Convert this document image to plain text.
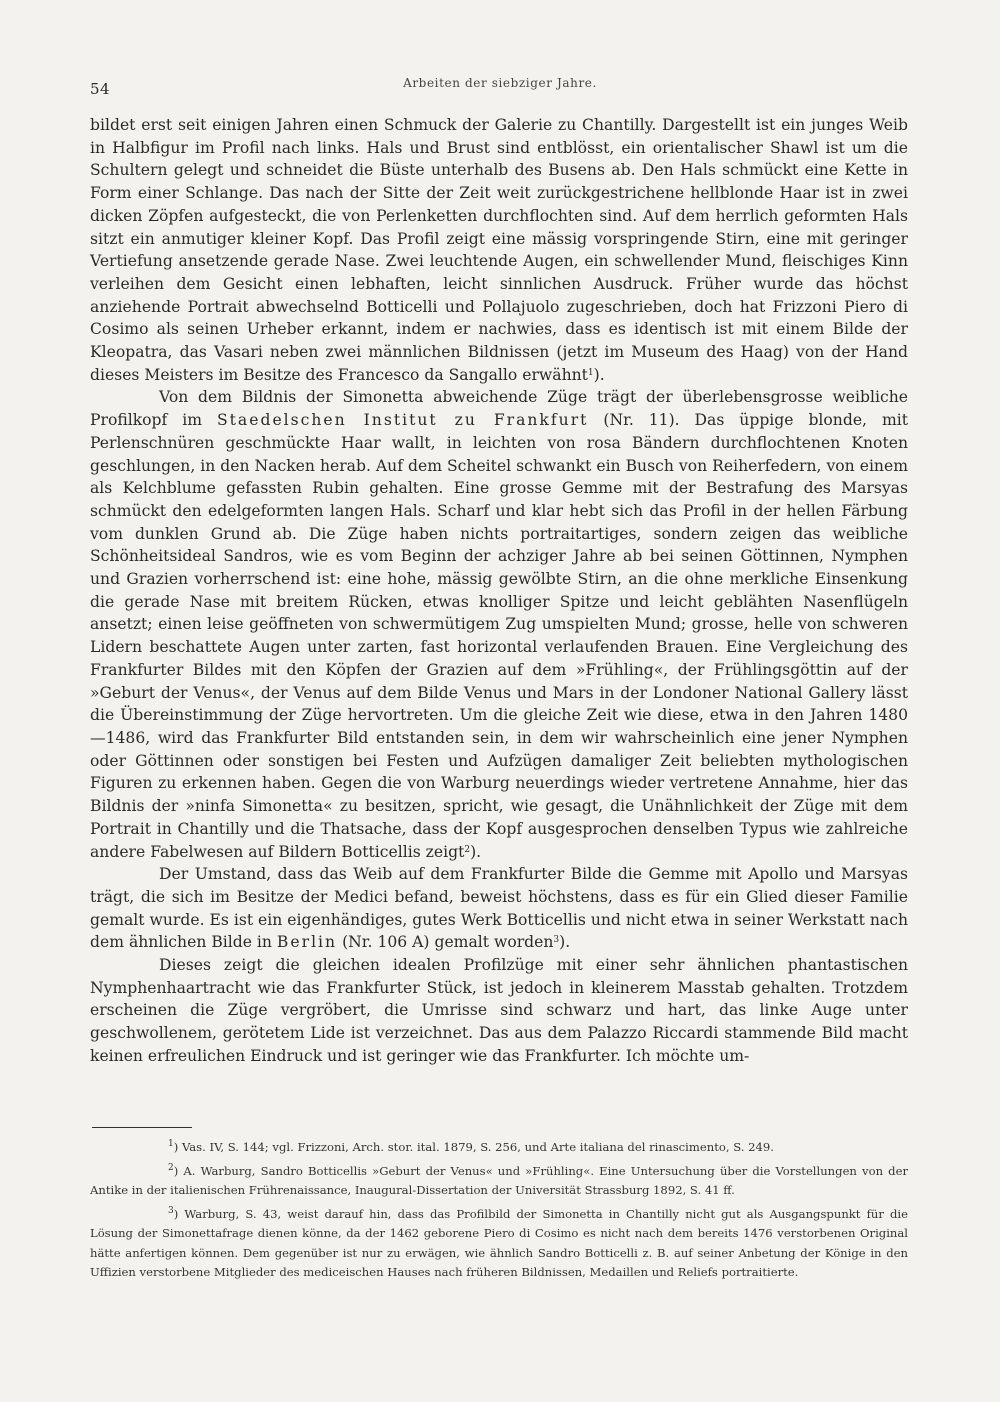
54	Arbeiten der siebziger Jahre.

bildet erst seit einigen Jahren einen Schmuck der Galerie zu Chantilly. Dargestellt ist ein junges Weib in Halbfigur im Profil nach links. Hals und Brust sind entblösst, ein orientalischer Shawl ist um die Schultern gelegt und schneidet die Büste unterhalb des Busens ab. Den Hals schmückt eine Kette in Form einer Schlange. Das nach der Sitte der Zeit weit zurückgestrichene hellblonde Haar ist in zwei dicken Zöpfen aufgesteckt, die von Perlenketten durchflochten sind. Auf dem herrlich geformten Hals sitzt ein anmutiger kleiner Kopf. Das Profil zeigt eine mässig vorspringende Stirn, eine mit geringer Vertiefung ansetzende gerade Nase. Zwei leuchtende Augen, ein schwellender Mund, fleischiges Kinn verleihen dem Gesicht einen lebhaften, leicht sinnlichen Ausdruck. Früher wurde das höchst anziehende Portrait abwechselnd Botticelli und Pollajuolo zugeschrieben, doch hat Frizzoni Piero di Cosimo als seinen Urheber erkannt, indem er nachwies, dass es identisch ist mit einem Bilde der Kleopatra, das Vasari neben zwei männlichen Bildnissen (jetzt im Museum des Haag) von der Hand dieses Meisters im Besitze des Francesco da Sangallo erwähnt$^1$).

Von dem Bildnis der Simonetta abweichende Züge trägt der überlebensgrosse weibliche Profilkopf im Staedelschen Institut zu Frankfurt (Nr. 11). Das üppige blonde, mit Perlenschnüren geschmückte Haar wallt, in leichten von rosa Bändern durchflochtenen Knoten geschlungen, in den Nacken herab. Auf dem Scheitel schwankt ein Busch von Reiherfedern, von einem als Kelchblume gefassten Rubin gehalten. Eine grosse Gemme mit der Bestrafung des Marsyas schmückt den edelgeformten langen Hals. Scharf und klar hebt sich das Profil in der hellen Färbung vom dunklen Grund ab. Die Züge haben nichts portraitartiges, sondern zeigen das weibliche Schönheitsideal Sandros, wie es vom Beginn der achziger Jahre ab bei seinen Göttinnen, Nymphen und Grazien vorherrschend ist: eine hohe, mässig gewölbte Stirn, an die ohne merkliche Einsenkung die gerade Nase mit breitem Rücken, etwas knolliger Spitze und leicht geblähten Nasenflügeln ansetzt; einen leise geöffneten von schwermütigem Zug umspielten Mund; grosse, helle von schweren Lidern beschattete Augen unter zarten, fast horizontal verlaufenden Brauen. Eine Vergleichung des Frankfurter Bildes mit den Köpfen der Grazien auf dem »Frühling«, der Frühlingsgöttin auf der »Geburt der Venus«, der Venus auf dem Bilde Venus und Mars in der Londoner National Gallery lässt die Übereinstimmung der Züge hervortreten. Um die gleiche Zeit wie diese, etwa in den Jahren 1480—1486, wird das Frankfurter Bild entstanden sein, in dem wir wahrscheinlich eine jener Nymphen oder Göttinnen oder sonstigen bei Festen und Aufzügen damaliger Zeit beliebten mythologischen Figuren zu erkennen haben. Gegen die von Warburg neuerdings wieder vertretene Annahme, hier das Bildnis der »ninfa Simonetta« zu besitzen, spricht, wie gesagt, die Unähnlichkeit der Züge mit dem Portrait in Chantilly und die Thatsache, dass der Kopf ausgesprochen denselben Typus wie zahlreiche andere Fabelwesen auf Bildern Botticellis zeigt$^2$).

Der Umstand, dass das Weib auf dem Frankfurter Bilde die Gemme mit Apollo und Marsyas trägt, die sich im Besitze der Medici befand, beweist höchstens, dass es für ein Glied dieser Familie gemalt wurde. Es ist ein eigenhändiges, gutes Werk Botticellis und nicht etwa in seiner Werkstatt nach dem ähnlichen Bilde in Berlin (Nr. 106 A) gemalt worden$^3$).

Dieses zeigt die gleichen idealen Profilzüge mit einer sehr ähnlichen phantastischen Nymphenhaartracht wie das Frankfurter Stück, ist jedoch in kleinerem Masstab gehalten. Trotzdem erscheinen die Züge vergröbert, die Umrisse sind schwarz und hart, das linke Auge unter geschwollenem, gerötetem Lide ist verzeichnet. Das aus dem Palazzo Riccardi stammende Bild macht keinen erfreulichen Eindruck und ist geringer wie das Frankfurter. Ich möchte um-

$^1$) Vas. IV, S. 144; vgl. Frizzoni, Arch. stor. ital. 1879, S. 256, und Arte italiana del rinascimento, S. 249.

$^2$) A. Warburg, Sandro Botticellis »Geburt der Venus« und »Frühling«. Eine Untersuchung über die Vorstellungen von der Antike in der italienischen Frührenaissance, Inaugural-Dissertation der Universität Strassburg 1892, S. 41 ff.

$^3$) Warburg, S. 43, weist darauf hin, dass das Profilbild der Simonetta in Chantilly nicht gut als Ausgangspunkt für die Lösung der Simonettafrage dienen könne, da der 1462 geborene Piero di Cosimo es nicht nach dem bereits 1476 verstorbenen Original hätte anfertigen können. Dem gegenüber ist nur zu erwägen, wie ähnlich Sandro Botticelli z. B. auf seiner Anbetung der Könige in den Uffizien verstorbene Mitglieder des mediceischen Hauses nach früheren Bildnissen, Medaillen und Reliefs portraitierte.
